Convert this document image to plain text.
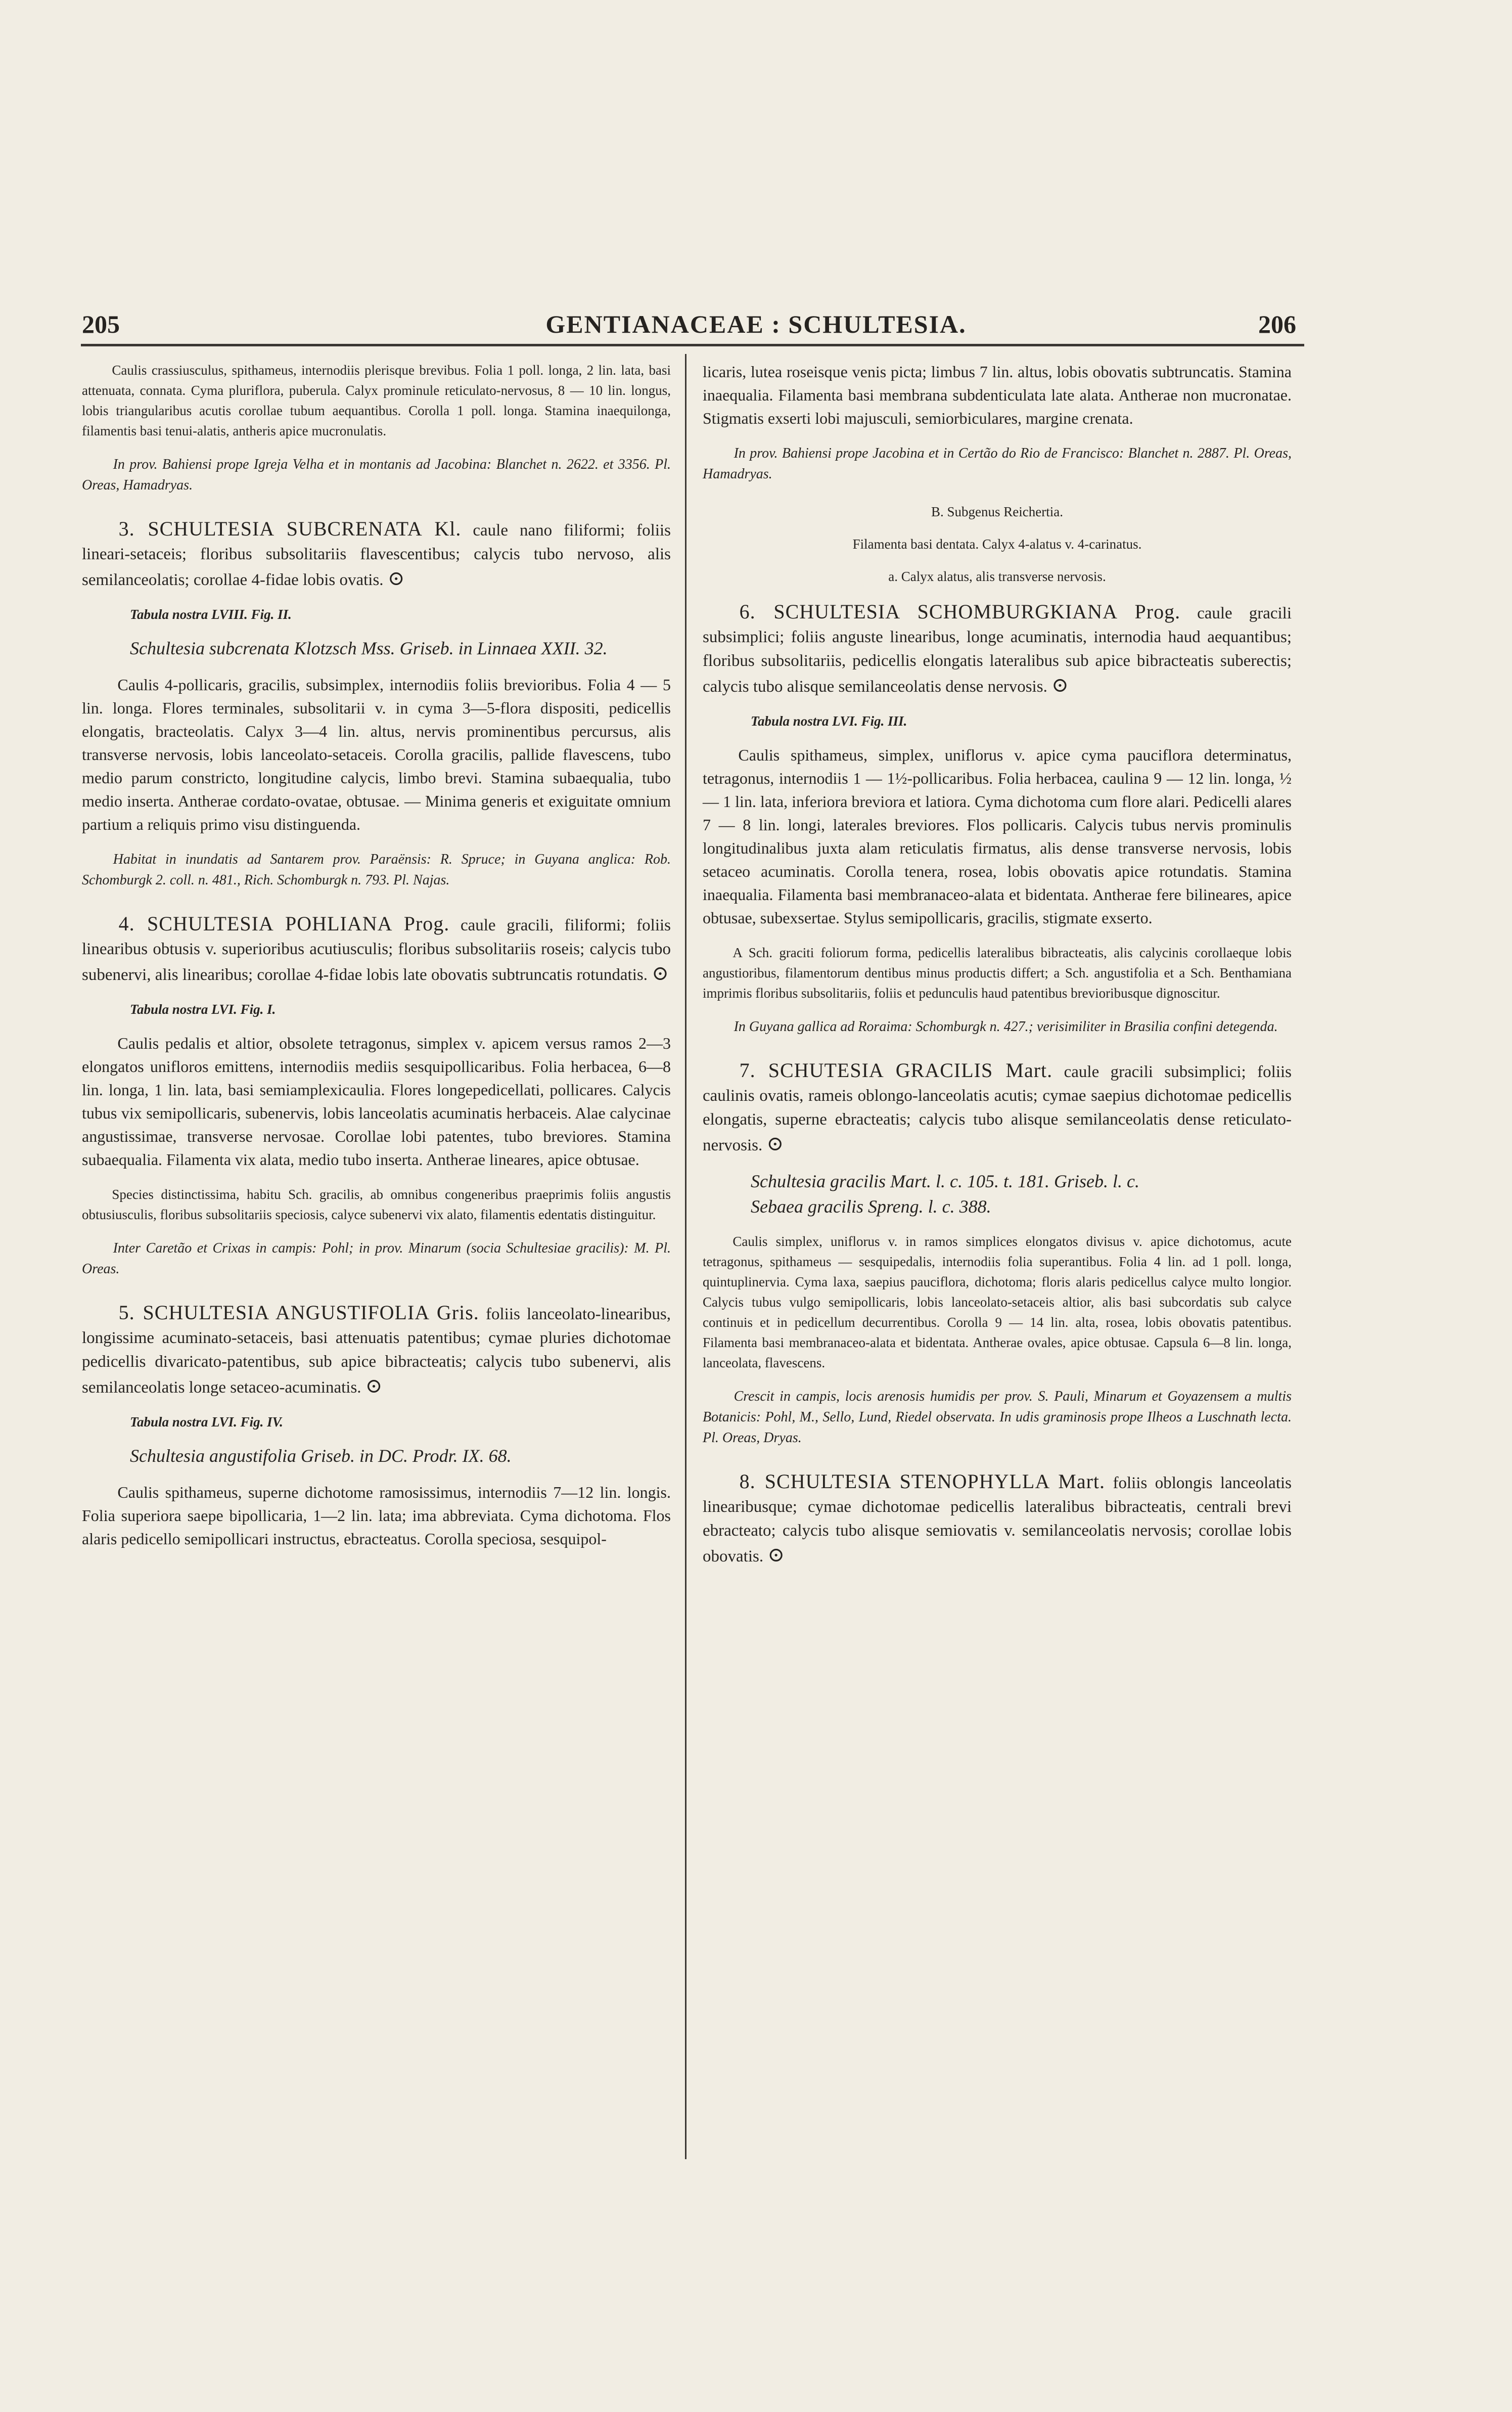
205	GENTIANACEAE : SCHULTESIA.	206

Caulis crassiusculus, spithameus, internodiis plerisque brevibus. Folia 1 poll. longa, 2 lin. lata, basi attenuata, connata. Cyma pluriflora, puberula. Calyx prominule reticulato-nervosus, 8 — 10 lin. longus, lobis triangularibus acutis corollae tubum aequantibus. Corolla 1 poll. longa. Stamina inaequilonga, filamentis basi tenui-alatis, antheris apice mucronulatis.

In prov. Bahiensi prope Igreja Velha et in montanis ad Jacobina: Blanchet n. 2622. et 3356. Pl. Oreas, Hamadryas.

3. SCHULTESIA SUBCRENATA Kl. caule nano filiformi; foliis lineari-setaceis; floribus subsolitariis flavescentibus; calycis tubo nervoso, alis semilanceolatis; corollae 4-fidae lobis ovatis. ⊙

Tabula nostra LVIII. Fig. II.

Schultesia subcrenata Klotzsch Mss. Griseb. in Linnaea XXII. 32.

Caulis 4-pollicaris, gracilis, subsimplex, internodiis foliis brevioribus. Folia 4 — 5 lin. longa. Flores terminales, subsolitarii v. in cyma 3—5-flora dispositi, pedicellis elongatis, bracteolatis. Calyx 3—4 lin. altus, nervis prominentibus percursus, alis transverse nervosis, lobis lanceolato-setaceis. Corolla gracilis, pallide flavescens, tubo medio parum constricto, longitudine calycis, limbo brevi. Stamina subaequalia, tubo medio inserta. Antherae cordato-ovatae, obtusae. — Minima generis et exiguitate omnium partium a reliquis primo visu distinguenda.

Habitat in inundatis ad Santarem prov. Paraënsis: R. Spruce; in Guyana anglica: Rob. Schomburgk 2. coll. n. 481., Rich. Schomburgk n. 793. Pl. Najas.

4. SCHULTESIA POHLIANA Prog. caule gracili, filiformi; foliis linearibus obtusis v. superioribus acutiusculis; floribus subsolitariis roseis; calycis tubo subenervi, alis linearibus; corollae 4-fidae lobis late obovatis subtruncatis rotundatis. ⊙

Tabula nostra LVI. Fig. I.

Caulis pedalis et altior, obsolete tetragonus, simplex v. apicem versus ramos 2—3 elongatos unifloros emittens, internodiis mediis sesquipollicaribus. Folia herbacea, 6—8 lin. longa, 1 lin. lata, basi semiamplexicaulia. Flores longepedicellati, pollicares. Calycis tubus vix semipollicaris, subenervis, lobis lanceolatis acuminatis herbaceis. Alae calycinae angustissimae, transverse nervosae. Corollae lobi patentes, tubo breviores. Stamina subaequalia. Filamenta vix alata, medio tubo inserta. Antherae lineares, apice obtusae.

Species distinctissima, habitu Sch. gracilis, ab omnibus congeneribus praeprimis foliis angustis obtusiusculis, floribus subsolitariis speciosis, calyce subenervi vix alato, filamentis edentatis distinguitur.

Inter Caretão et Crixas in campis: Pohl; in prov. Minarum (socia Schultesiae gracilis): M. Pl. Oreas.

5. SCHULTESIA ANGUSTIFOLIA Gris. foliis lanceolato-linearibus, longissime acuminato-setaceis, basi attenuatis patentibus; cymae pluries dichotomae pedicellis divaricato-patentibus, sub apice bibracteatis; calycis tubo subenervi, alis semilanceolatis longe setaceo-acuminatis. ⊙

Tabula nostra LVI. Fig. IV.

Schultesia angustifolia Griseb. in DC. Prodr. IX. 68.

Caulis spithameus, superne dichotome ramosissimus, internodiis 7—12 lin. longis. Folia superiora saepe bipollicaria, 1—2 lin. lata; ima abbreviata. Cyma dichotoma. Flos alaris pedicello semipollicari instructus, ebracteatus. Corolla speciosa, sesquipol-

licaris, lutea roseisque venis picta; limbus 7 lin. altus, lobis obovatis subtruncatis. Stamina inaequalia. Filamenta basi membrana subdenticulata late alata. Antherae non mucronatae. Stigmatis exserti lobi majusculi, semiorbiculares, margine crenata.

In prov. Bahiensi prope Jacobina et in Certão do Rio de Francisco: Blanchet n. 2887. Pl. Oreas, Hamadryas.

B. Subgenus Reichertia.

Filamenta basi dentata. Calyx 4-alatus v. 4-carinatus.

a. Calyx alatus, alis transverse nervosis.

6. SCHULTESIA SCHOMBURGKIANA Prog. caule gracili subsimplici; foliis anguste linearibus, longe acuminatis, internodia haud aequantibus; floribus subsolitariis, pedicellis elongatis lateralibus sub apice bibracteatis suberectis; calycis tubo alisque semilanceolatis dense nervosis. ⊙

Tabula nostra LVI. Fig. III.

Caulis spithameus, simplex, uniflorus v. apice cyma pauciflora determinatus, tetragonus, internodiis 1 — 1½-pollicaribus. Folia herbacea, caulina 9 — 12 lin. longa, ½ — 1 lin. lata, inferiora breviora et latiora. Cyma dichotoma cum flore alari. Pedicelli alares 7 — 8 lin. longi, laterales breviores. Flos pollicaris. Calycis tubus nervis prominulis longitudinalibus juxta alam reticulatis firmatus, alis dense transverse nervosis, lobis setaceo acuminatis. Corolla tenera, rosea, lobis obovatis apice rotundatis. Stamina inaequalia. Filamenta basi membranaceo-alata et bidentata. Antherae fere bilineares, apice obtusae, subexsertae. Stylus semipollicaris, gracilis, stigmate exserto.

A Sch. graciti foliorum forma, pedicellis lateralibus bibracteatis, alis calycinis corollaeque lobis angustioribus, filamentorum dentibus minus productis differt; a Sch. angustifolia et a Sch. Benthamiana imprimis floribus subsolitariis, foliis et pedunculis haud patentibus brevioribusque dignoscitur.

In Guyana gallica ad Roraima: Schomburgk n. 427.; verisimiliter in Brasilia confini detegenda.

7. SCHUTESIA GRACILIS Mart. caule gracili subsimplici; foliis caulinis ovatis, rameis oblongo-lanceolatis acutis; cymae saepius dichotomae pedicellis elongatis, superne ebracteatis; calycis tubo alisque semilanceolatis dense reticulato-nervosis. ⊙

Schultesia gracilis Mart. l. c. 105. t. 181. Griseb. l. c.

Sebaea gracilis Spreng. l. c. 388.

Caulis simplex, uniflorus v. in ramos simplices elongatos divisus v. apice dichotomus, acute tetragonus, spithameus — sesquipedalis, internodiis folia superantibus. Folia 4 lin. ad 1 poll. longa, quintuplinervia. Cyma laxa, saepius pauciflora, dichotoma; floris alaris pedicellus calyce multo longior. Calycis tubus vulgo semipollicaris, lobis lanceolato-setaceis altior, alis basi subcordatis sub calyce continuis et in pedicellum decurrentibus. Corolla 9 — 14 lin. alta, rosea, lobis obovatis patentibus. Filamenta basi membranaceo-alata et bidentata. Antherae ovales, apice obtusae. Capsula 6—8 lin. longa, lanceolata, flavescens.

Crescit in campis, locis arenosis humidis per prov. S. Pauli, Minarum et Goyazensem a multis Botanicis: Pohl, M., Sello, Lund, Riedel observata. In udis graminosis prope Ilheos a Luschnath lecta. Pl. Oreas, Dryas.

8. SCHULTESIA STENOPHYLLA Mart. foliis oblongis lanceolatis linearibusque; cymae dichotomae pedicellis lateralibus bibracteatis, centrali brevi ebracteato; calycis tubo alisque semiovatis v. semilanceolatis nervosis; corollae lobis obovatis. ⊙
